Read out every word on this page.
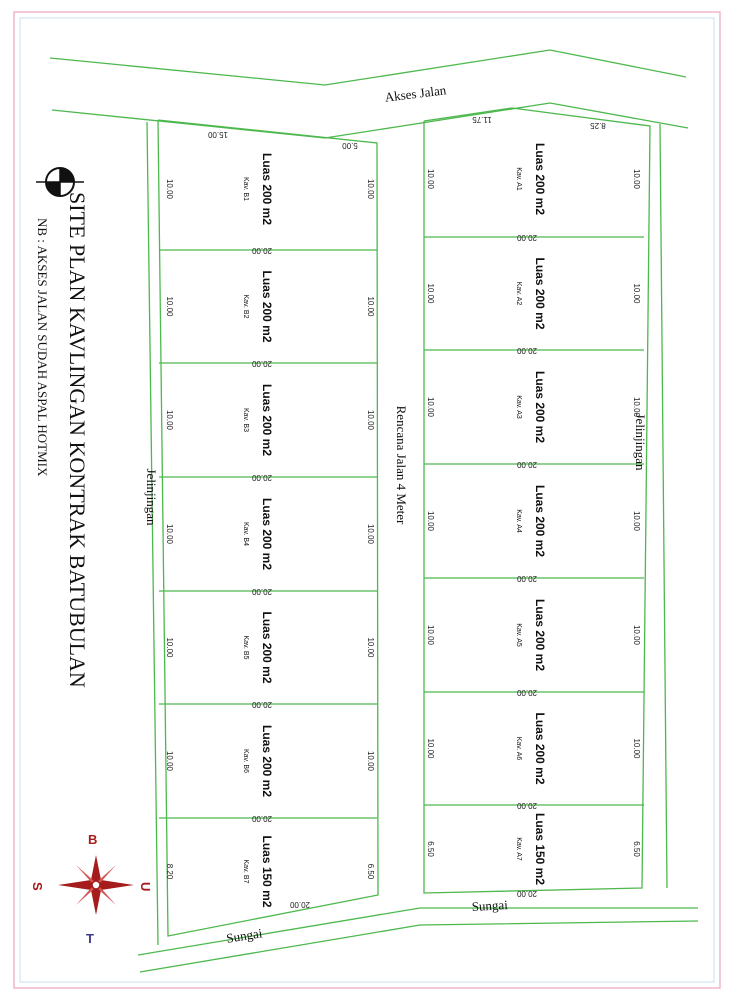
Luas 200 m2
Kav. A1
10.00	10.00
20.00
Luas 200 m2
Kav. A2
10.00	10.00
20.00
Luas 200 m2
Kav. A3
10.00	10.00
20.00
Luas 200 m2
Kav. A4
10.00	10.00
20.00
Luas 200 m2
Kav. A5
10.00	10.00
20.00
Luas 200 m2
Kav. A6
10.00	10.00
20.00
Luas 150 m2
Kav. A7
6.50	6.50
20.00
Luas 200 m2
Kav. B1
10.00	10.00
20.00
Luas 200 m2
Kav. B2
10.00	10.00
20.00
Luas 200 m2
Kav. B3
10.00	10.00
20.00
Luas 200 m2
Kav. B4
10.00	10.00
20.00
Luas 200 m2
Kav. B5
10.00	10.00
20.00
Luas 200 m2
Kav. B6
10.00	10.00
20.00
Luas 150 m2
Kav. B7
8.20	6.50
11.75
8.25
15.00
5.00
20.00
Akses Jalan
Rencana Jalan 4 Meter
Sungai
Sungai
Jelinjingan
Jelinjingan
SITE PLAN KAVLINGAN KONTRAK BATUBULAN
NB : AKSES JALAN SUDAH ASPAL HOTMIX
B
U
T
S
